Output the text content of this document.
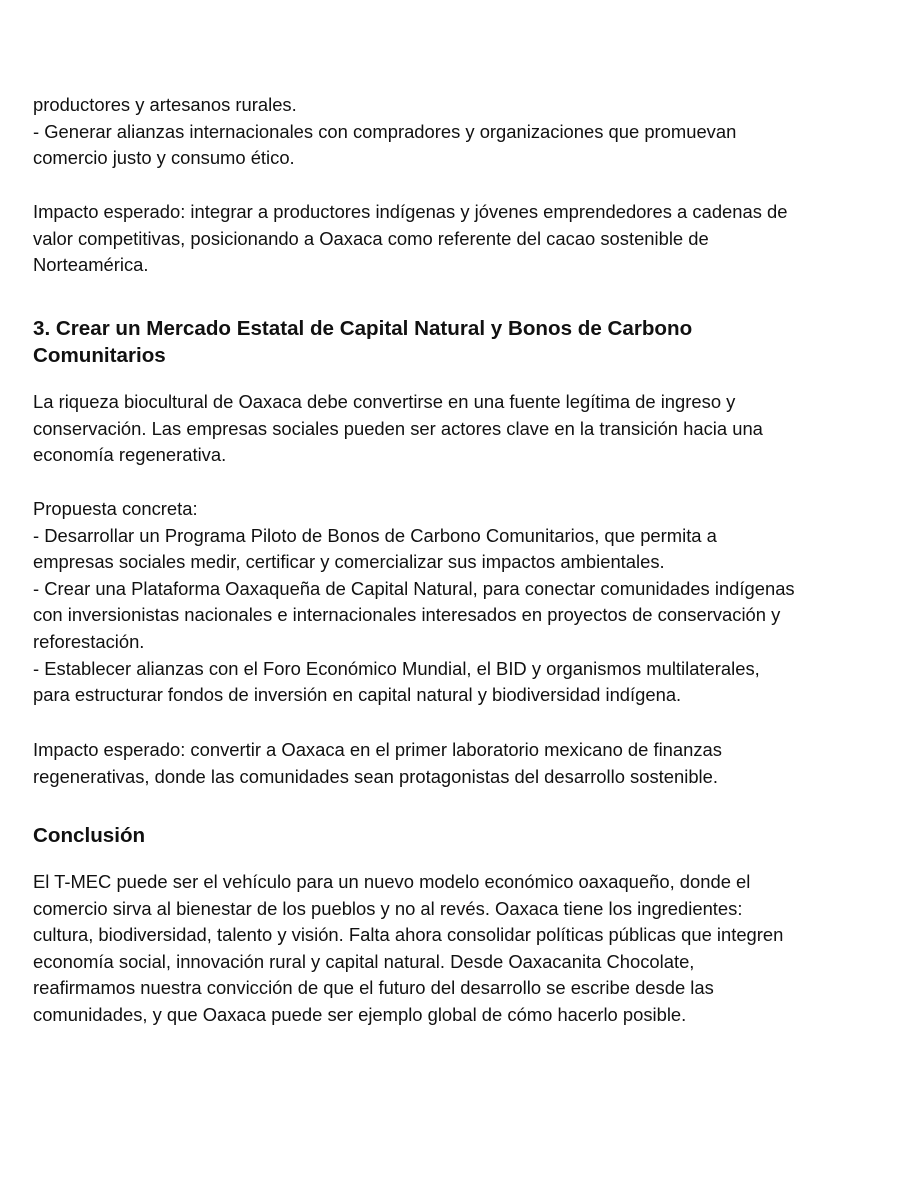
productores y artesanos rurales.
- Generar alianzas internacionales con compradores y organizaciones que promuevan
comercio justo y consumo ético.
Impacto esperado: integrar a productores indígenas y jóvenes emprendedores a cadenas de
valor competitivas, posicionando a Oaxaca como referente del cacao sostenible de
Norteamérica.
3. Crear un Mercado Estatal de Capital Natural y Bonos de Carbono
Comunitarios
La riqueza biocultural de Oaxaca debe convertirse en una fuente legítima de ingreso y
conservación. Las empresas sociales pueden ser actores clave en la transición hacia una
economía regenerativa.
Propuesta concreta:
- Desarrollar un Programa Piloto de Bonos de Carbono Comunitarios, que permita a
empresas sociales medir, certificar y comercializar sus impactos ambientales.
- Crear una Plataforma Oaxaqueña de Capital Natural, para conectar comunidades indígenas
con inversionistas nacionales e internacionales interesados en proyectos de conservación y
reforestación.
- Establecer alianzas con el Foro Económico Mundial, el BID y organismos multilaterales,
para estructurar fondos de inversión en capital natural y biodiversidad indígena.
Impacto esperado: convertir a Oaxaca en el primer laboratorio mexicano de finanzas
regenerativas, donde las comunidades sean protagonistas del desarrollo sostenible.
Conclusión
El T-MEC puede ser el vehículo para un nuevo modelo económico oaxaqueño, donde el
comercio sirva al bienestar de los pueblos y no al revés. Oaxaca tiene los ingredientes:
cultura, biodiversidad, talento y visión. Falta ahora consolidar políticas públicas que integren
economía social, innovación rural y capital natural. Desde Oaxacanita Chocolate,
reafirmamos nuestra convicción de que el futuro del desarrollo se escribe desde las
comunidades, y que Oaxaca puede ser ejemplo global de cómo hacerlo posible.
